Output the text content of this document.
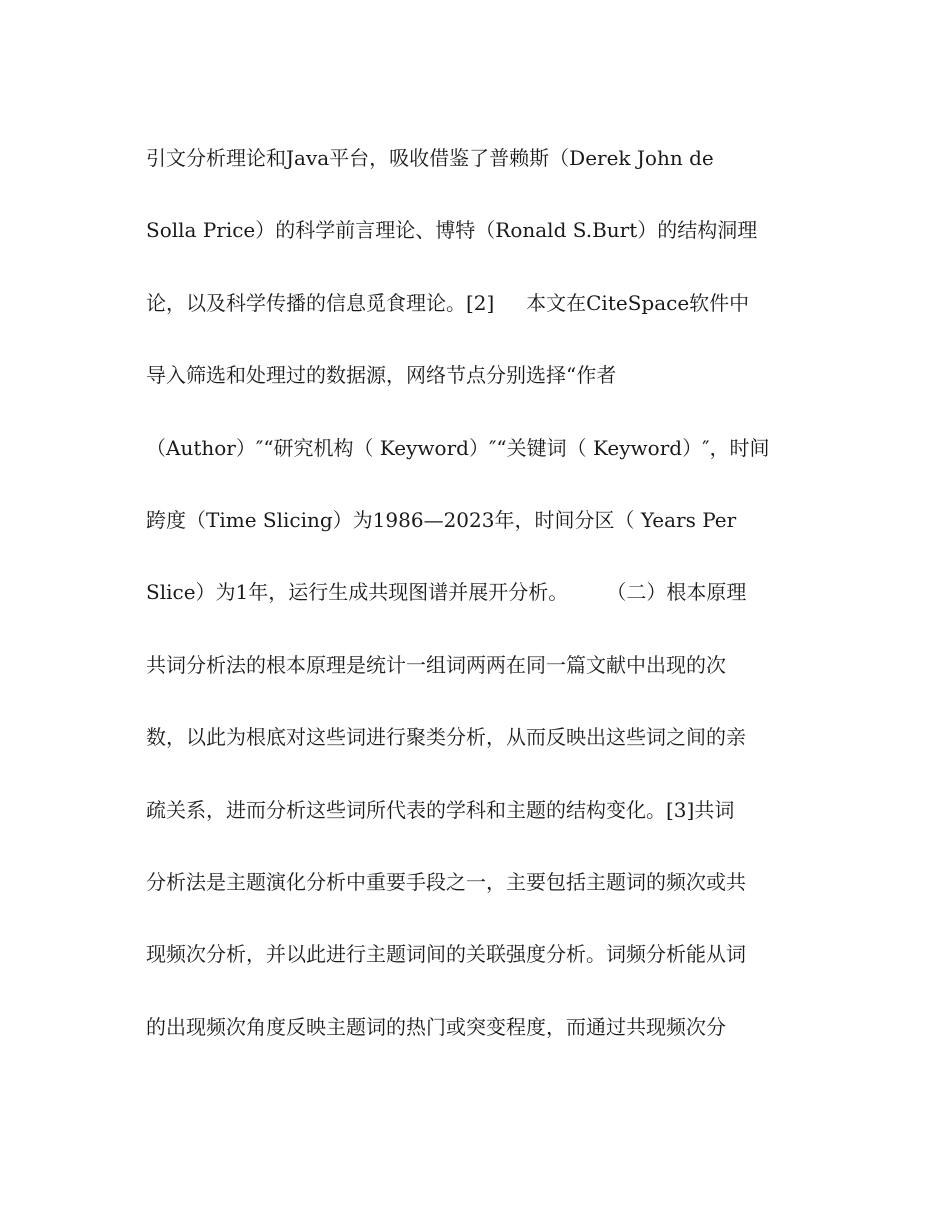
引文分析理论和Java平台，吸收借鉴了普赖斯（Derek John de
Solla Price）的科学前言理论、博特（Ronald S.Burt）的结构洞理
论，以及科学传播的信息觅食理论。[2]     本文在CiteSpace软件中
导入筛选和处理过的数据源，网络节点分别选择“作者
（Author）″“研究机构（ Keyword）″“关键词（ Keyword）″，时间
跨度（Time Slicing）为1986—2023年，时间分区（ Years Per
Slice）为1年，运行生成共现图谱并展开分析。      （二）根本原理
共词分析法的根本原理是统计一组词两两在同一篇文献中出现的次
数，以此为根底对这些词进行聚类分析，从而反映出这些词之间的亲
疏关系，进而分析这些词所代表的学科和主题的结构变化。[3]共词
分析法是主题演化分析中重要手段之一，主要包括主题词的频次或共
现频次分析，并以此进行主题词间的关联强度分析。词频分析能从词
的出现频次角度反映主题词的热门或突变程度，而通过共现频次分
